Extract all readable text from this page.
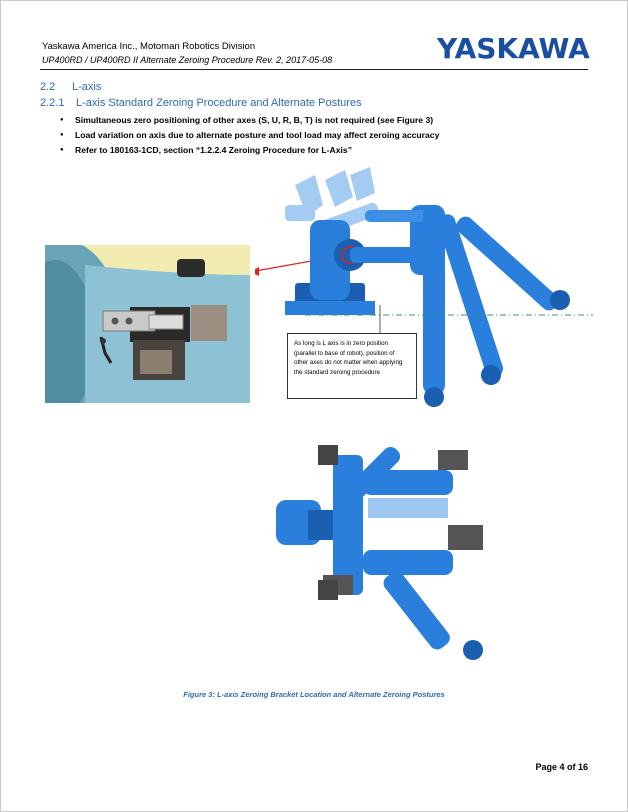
Yaskawa America Inc., Motoman Robotics Division
UP400RD / UP400RD II Alternate Zeroing Procedure Rev. 2, 2017-05-08	YASKAWA
2.2 L-axis
2.2.1 L-axis Standard Zeroing Procedure and Alternate Postures
● Simultaneous zero positioning of other axes (S, U, R, B, T) is not required (see Figure 3)
● Load variation on axis due to alternate posture and tool load may affect zeroing accuracy
● Refer to 180163-1CD, section “1.2.2.4 Zeroing Procedure for L-Axis”
As long is L axis is in zero position (parallel to base of robot), position of other axes do not matter when applying the standard zeroing procedure
Figure 3: L-axis Zeroing Bracket Location and Alternate Zeroing Postures
Page 4 of 16
